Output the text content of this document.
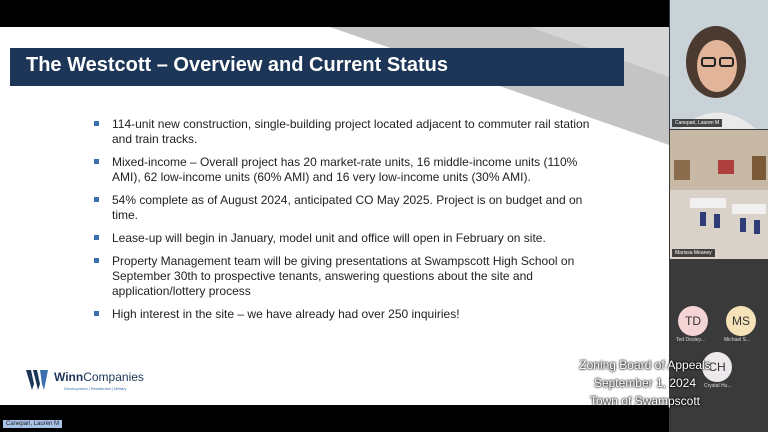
The Westcott – Overview and Current Status
114-unit new construction, single-building project located adjacent to commuter rail station and train tracks.
Mixed-income – Overall project has 20 market-rate units, 16 middle-income units (110% AMI), 62 low-income units (60% AMI) and 16 very low-income units (30% AMI).
54% complete as of August 2024, anticipated CO May 2025. Project is on budget and on time.
Lease-up will begin in January, model unit and office will open in February on site.
Property Management team will be giving presentations at Swampscott High School on September 30th to prospective tenants, answering questions about the site and application/lottery process
High interest in the site – we have already had over 250 inquiries!
WinnCompanies
Development | Residential | Military
Canepari, Lauren M
Marissa Meaney
TD
Ted Dooley...
MS
Michael S...
CH
Crystal Hu...
Zoning Board of Appeals
September 1, 2024
Town of Swampscott
Canepari, Lauren M
